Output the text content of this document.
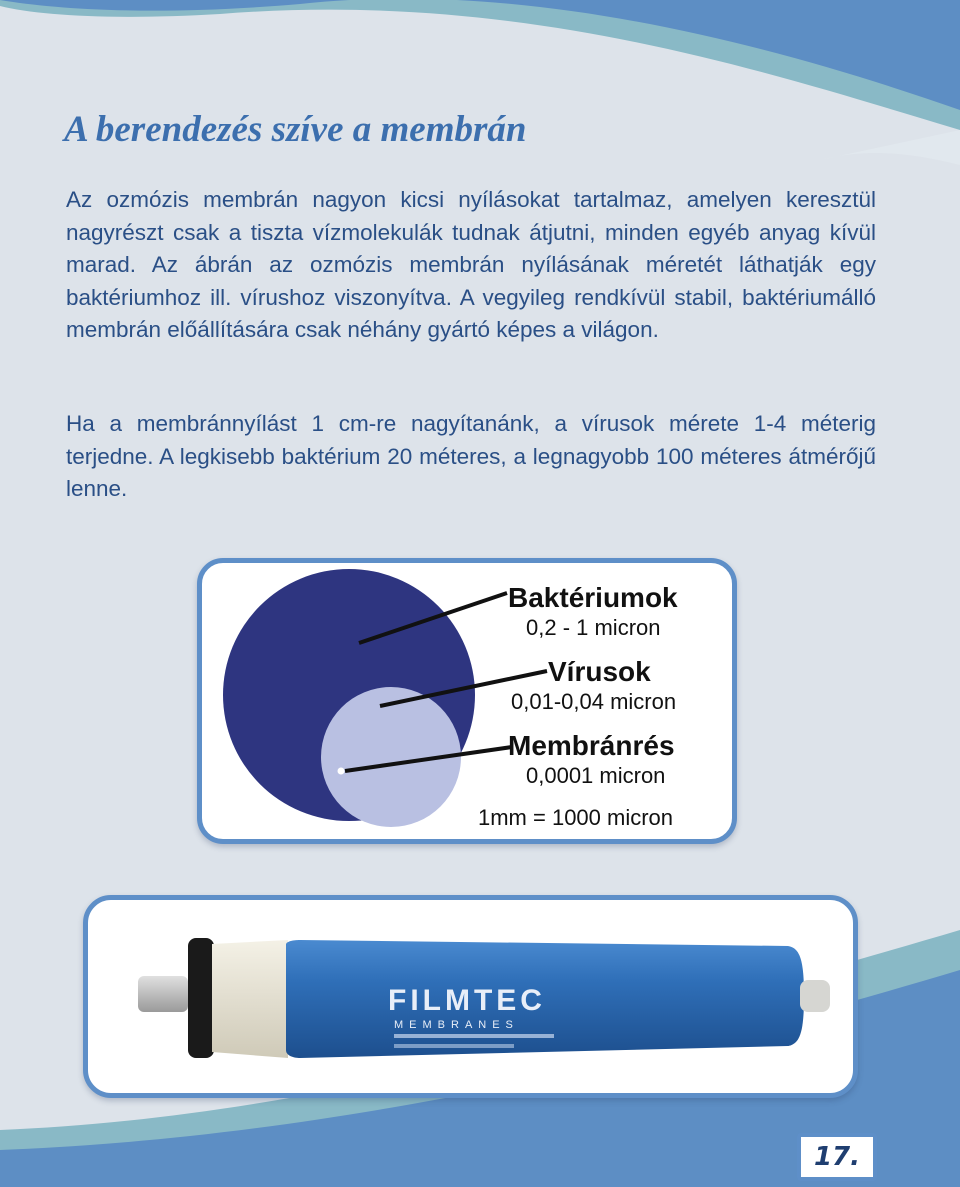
A berendezés szíve a membrán

Az ozmózis membrán nagyon kicsi nyílásokat tartalmaz, amelyen keresztül nagyrészt csak a tiszta vízmolekulák tudnak átjutni, minden egyéb anyag kívül marad. Az ábrán az ozmózis membrán nyílásának méretét láthatják egy baktériumhoz ill. vírushoz viszonyítva. A vegyileg rendkívül stabil, baktériumálló membrán előállítására csak néhány gyártó képes a világon.

Ha a membránnyílást 1 cm-re nagyítanánk, a vírusok mérete 1-4 méterig terjedne. A legkisebb baktérium 20 méteres, a legnagyobb 100 méteres átmérőjű lenne.

Baktériumok
0,2 - 1 micron
Vírusok
0,01-0,04 micron
Membránrés
0,0001 micron
1mm = 1000 micron
FILMTEC
MEMBRANES
17.
